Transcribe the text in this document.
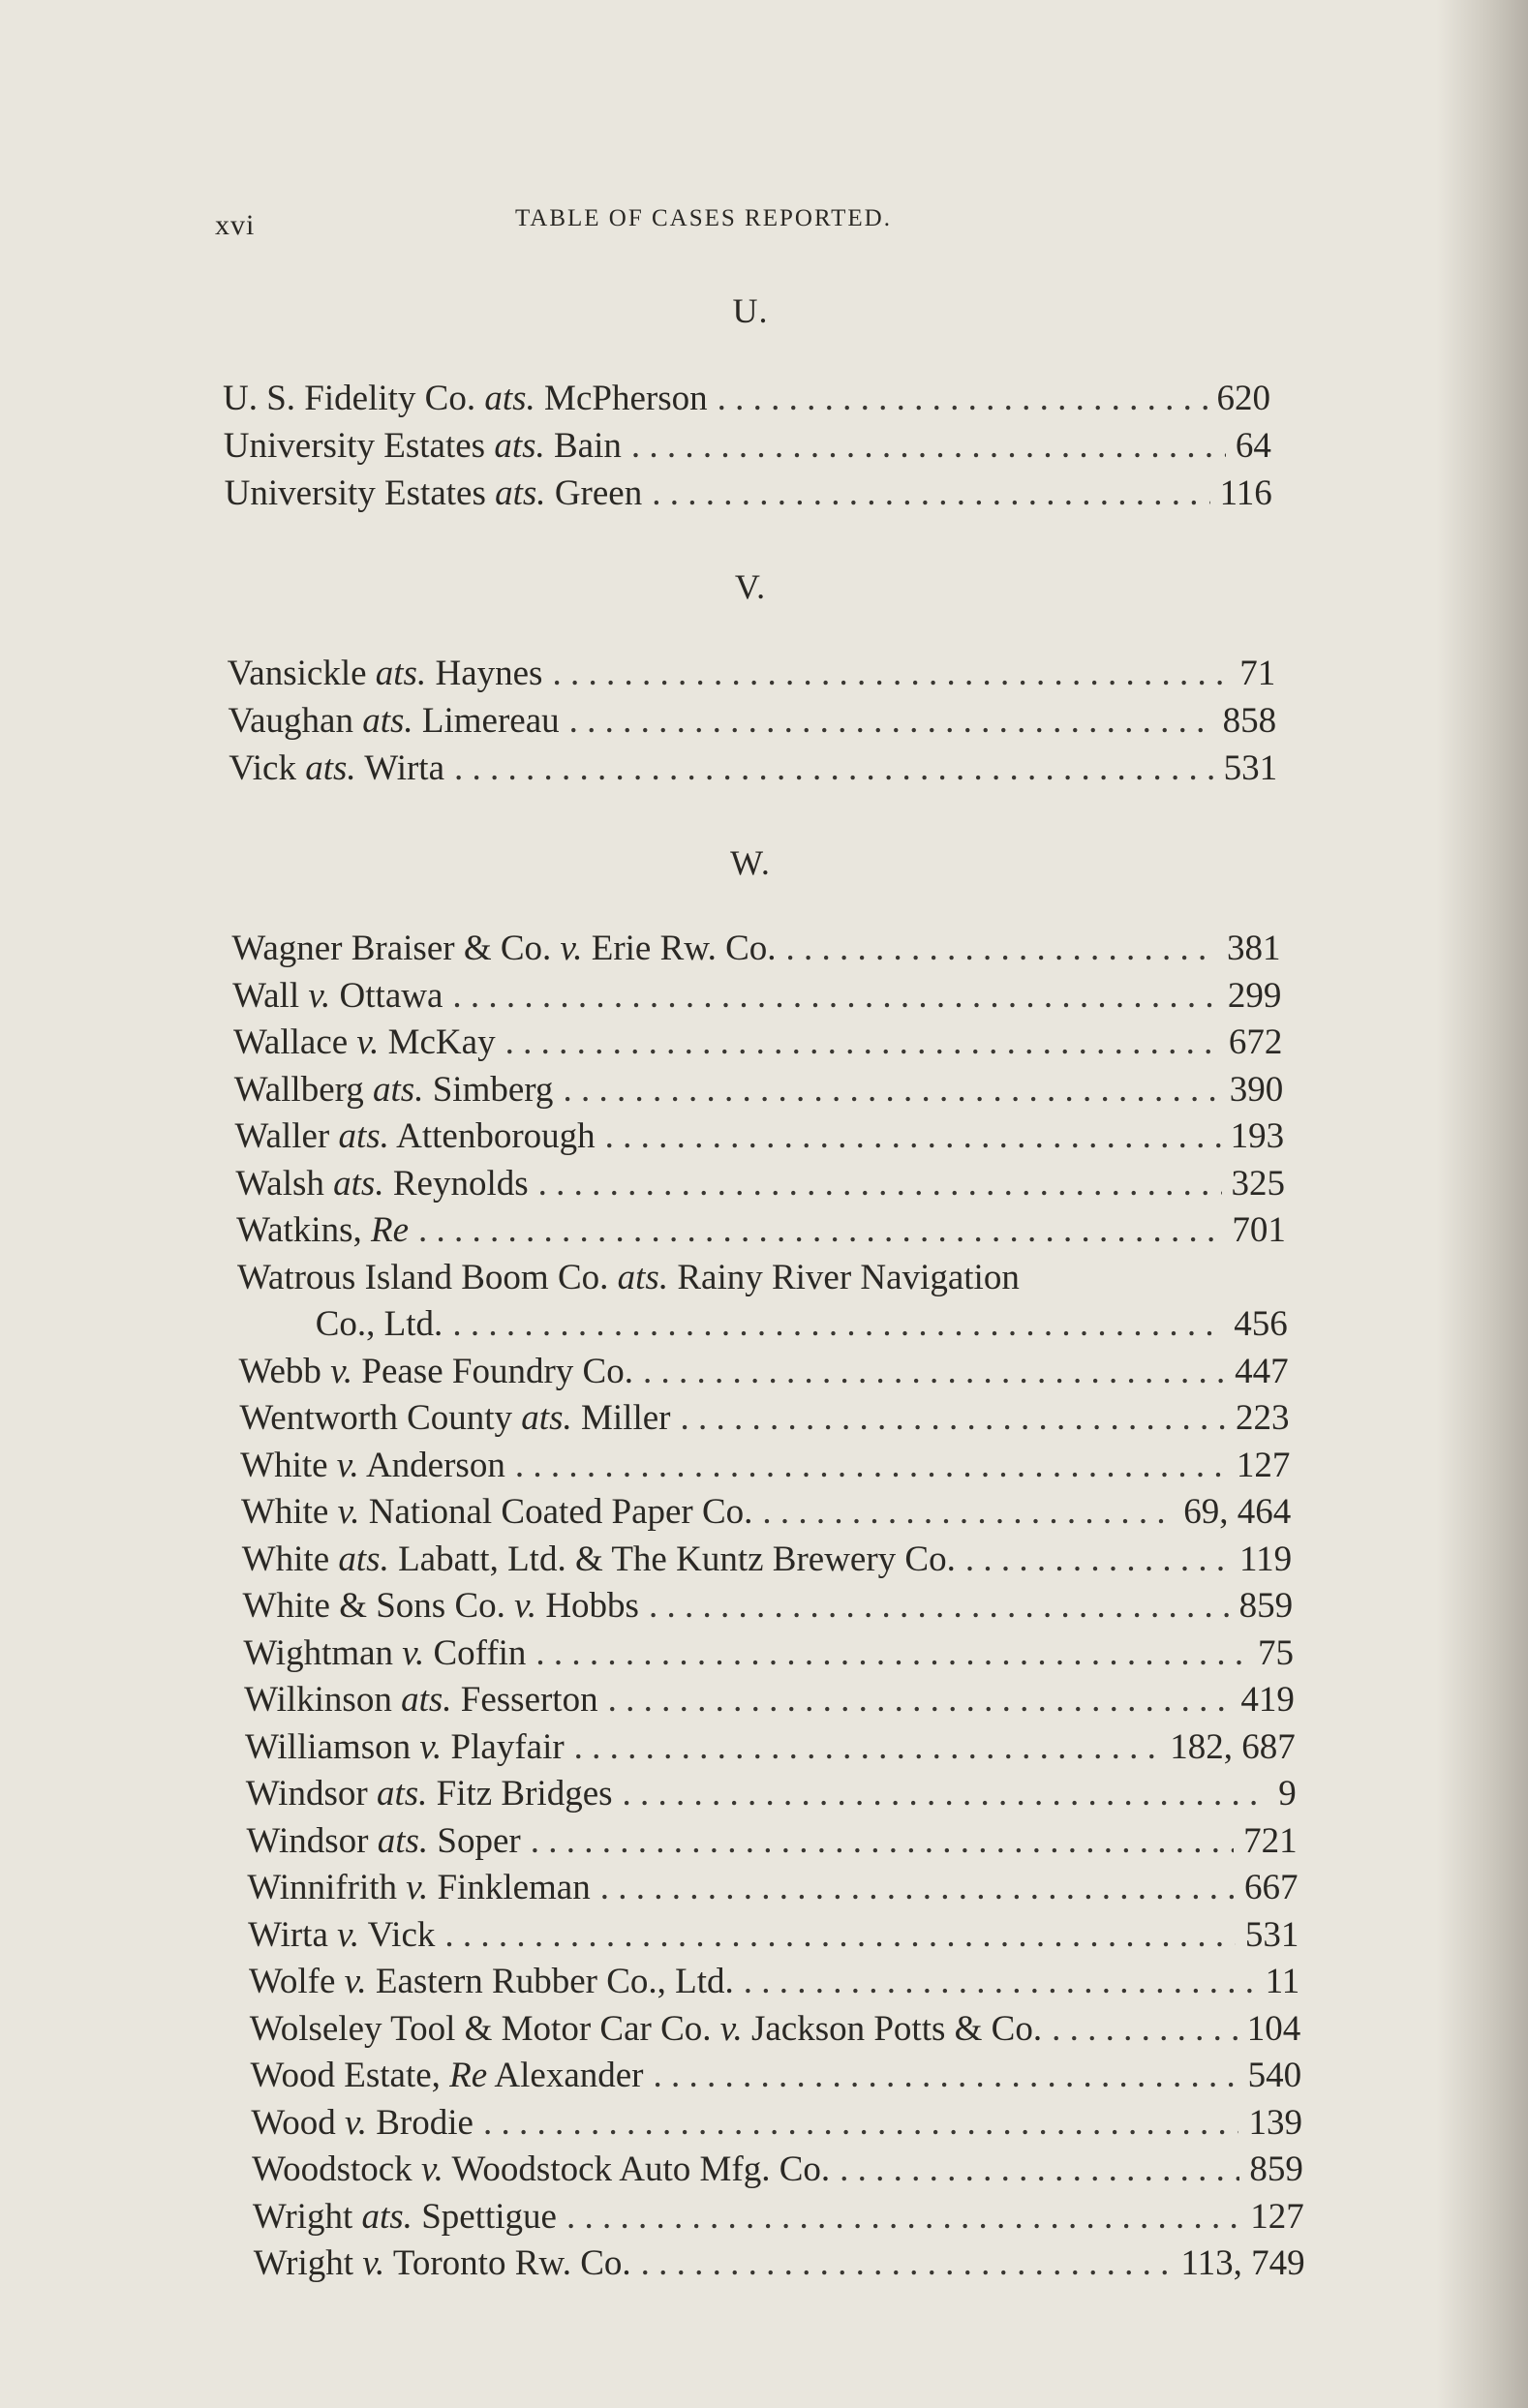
xvi	TABLE OF CASES REPORTED.
U.
U. S. Fidelity Co. ats. McPherson . . .	620
University Estates ats. Bain . . .	64
University Estates ats. Green . . .	116
V.
Vansickle ats. Haynes . . .	71
Vaughan ats. Limereau . . .	858
Vick ats. Wirta . . .	531
W.
Wagner Braiser & Co. v. Erie Rw. Co. . . .	381
Wall v. Ottawa . . .	299
Wallace v. McKay . . .	672
Wallberg ats. Simberg . . .	390
Waller ats. Attenborough . . .	193
Walsh ats. Reynolds . . .	325
Watkins, Re . . .	701
Watrous Island Boom Co. ats. Rainy River Navigation
Co., Ltd. . . .	456
Webb v. Pease Foundry Co. . . .	447
Wentworth County ats. Miller . . .	223
White v. Anderson . . .	127
White v. National Coated Paper Co. . . .	69, 464
White ats. Labatt, Ltd. & The Kuntz Brewery Co. . . .	119
White & Sons Co. v. Hobbs . . .	859
Wightman v. Coffin . . .	75
Wilkinson ats. Fesserton . . .	419
Williamson v. Playfair . . .	182, 687
Windsor ats. Fitz Bridges . . .	9
Windsor ats. Soper . . .	721
Winnifrith v. Finkleman . . .	667
Wirta v. Vick . . .	531
Wolfe v. Eastern Rubber Co., Ltd. . . .	11
Wolseley Tool & Motor Car Co. v. Jackson Potts & Co. . . .	104
Wood Estate, Re Alexander . . .	540
Wood v. Brodie . . .	139
Woodstock v. Woodstock Auto Mfg. Co. . . .	859
Wright ats. Spettigue . . .	127
Wright v. Toronto Rw. Co. . . .	113, 749
